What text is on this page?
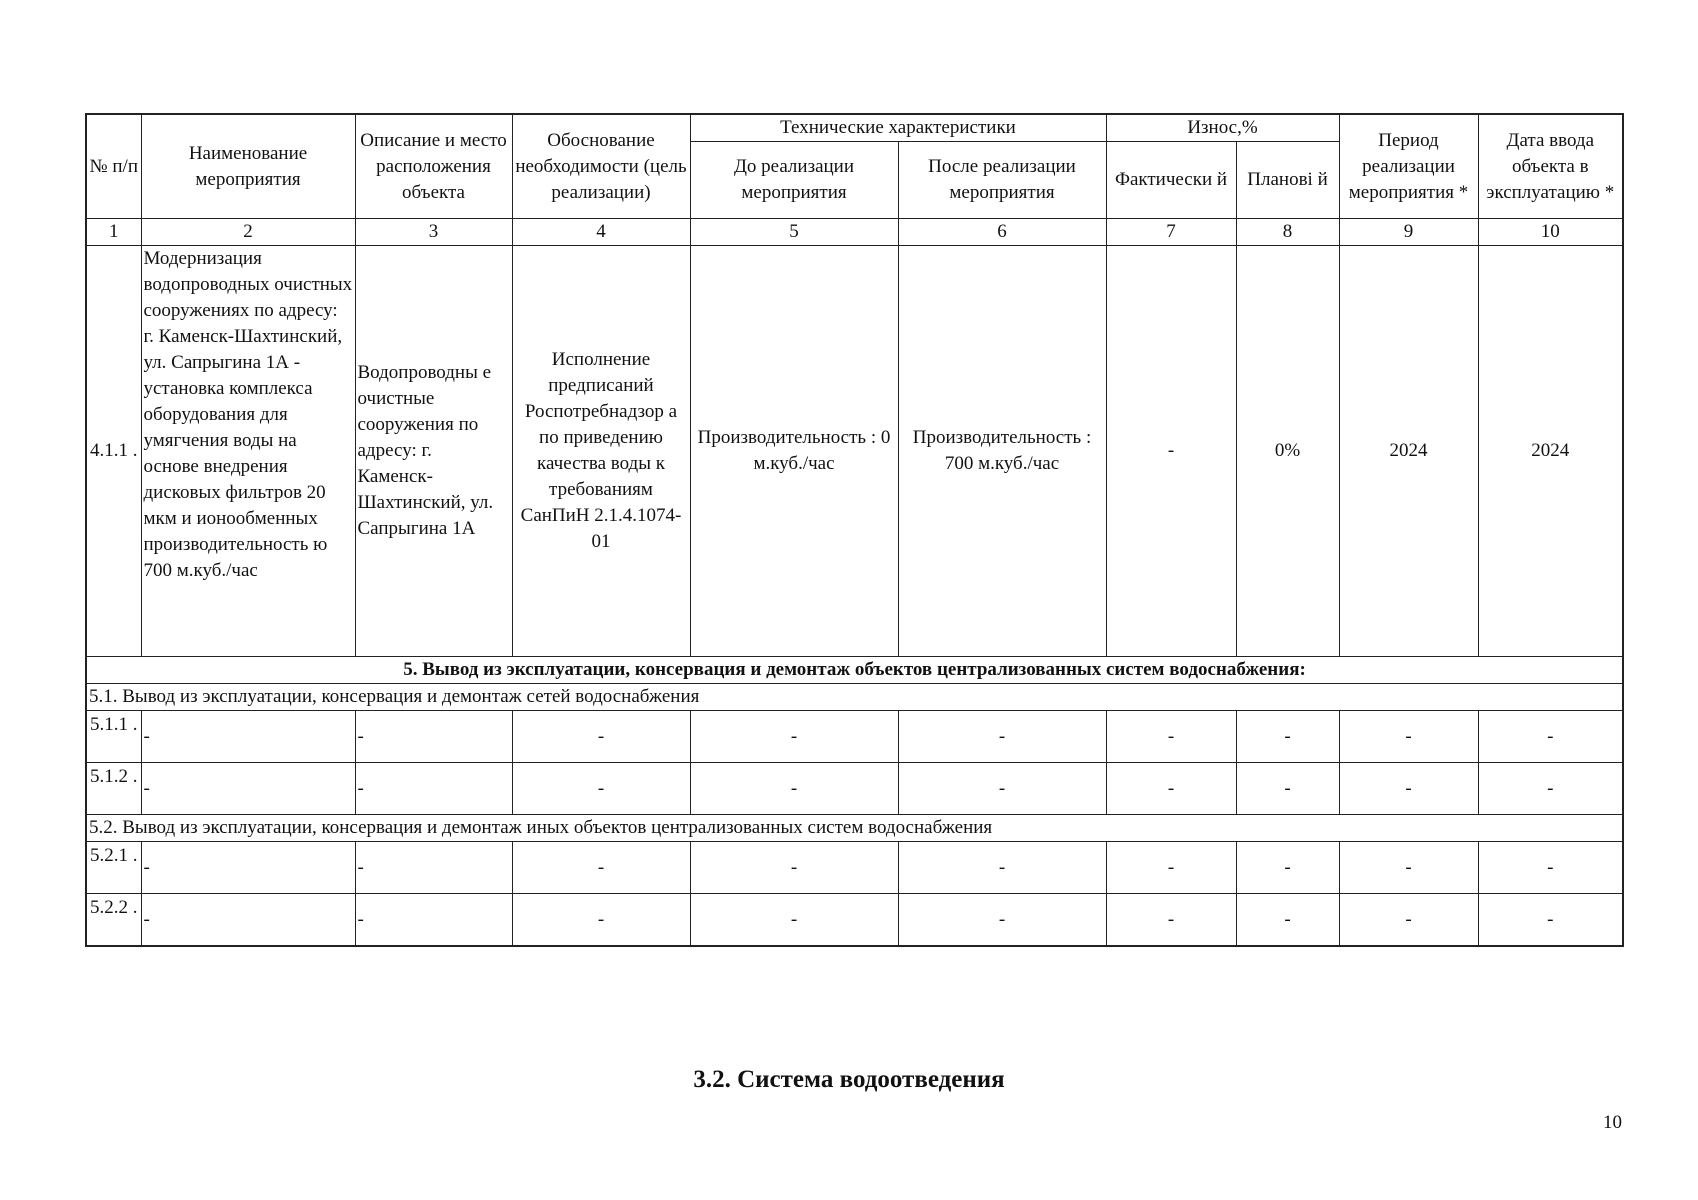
№ п/п	Наименование мероприятия	Описание и место расположения объекта	Обоснование необходимости (цель реализации)	Технические характеристики		Износ,%		Период реализации мероприятия *	Дата ввода объекта в эксплуатацию *
				До реализации мероприятия	После реализации мероприятия	Фактически й	Планові й		
1	2	3	4	5	6	7	8	9	10
4.1.1 .	Модернизация водопроводных очистных сооружениях по адресу: г. Каменск-Шахтинский, ул. Сапрыгина 1А - установка комплекса оборудования для умягчения воды на основе внедрения дисковых фильтров 20 мкм и ионообменных производительность ю 700 м.куб./час	Водопроводны е очистные сооружения по адресу: г. Каменск-Шахтинский, ул. Сапрыгина 1А	Исполнение предписаний Роспотребнадзор а по приведению качества воды к требованиям СанПиН 2.1.4.1074-01	Производительность : 0 м.куб./час	Производительность : 700 м.куб./час	-	0%	2024	2024
5. Вывод из эксплуатации, консервация и демонтаж объектов централизованных систем водоснабжения:									
5.1. Вывод из эксплуатации, консервация и демонтаж сетей водоснабжения									
5.1.1 .	-	-	-	-	-	-	-	-	-
5.1.2 .	-	-	-	-	-	-	-	-	-
5.2. Вывод из эксплуатации, консервация и демонтаж иных объектов централизованных систем водоснабжения									
5.2.1 .	-	-	-	-	-	-	-	-	-
5.2.2 .	-	-	-	-	-	-	-	-	-
3.2. Система водоотведения
10
